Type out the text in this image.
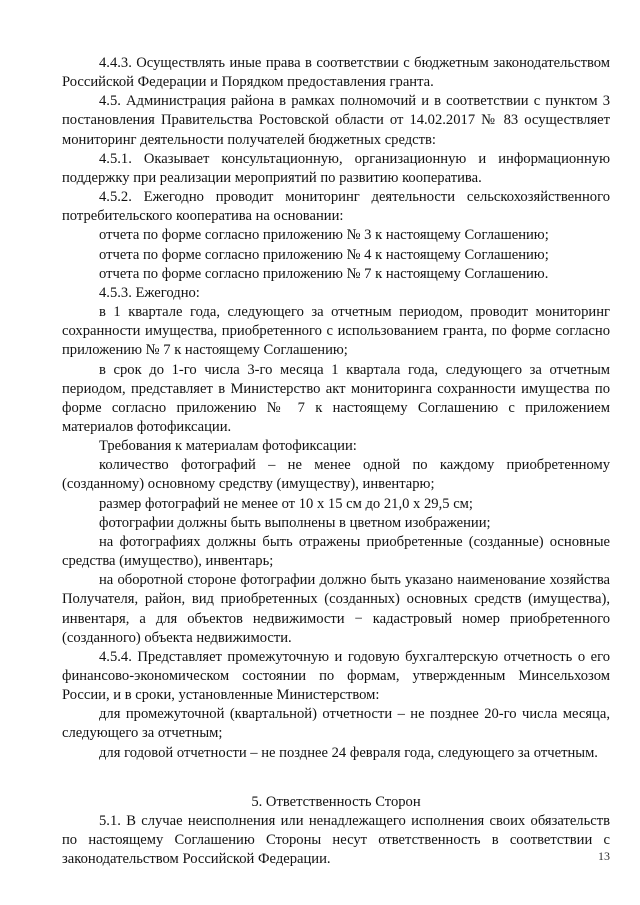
4.4.3. Осуществлять иные права в соответствии с бюджетным законодательством Российской Федерации и Порядком предоставления гранта.

4.5. Администрация района в рамках полномочий и в соответствии с пунктом 3 постановления Правительства Ростовской области от 14.02.2017 № 83 осуществляет мониторинг деятельности получателей бюджетных средств:

4.5.1. Оказывает консультационную, организационную и информационную поддержку при реализации мероприятий по развитию кооператива.

4.5.2. Ежегодно проводит мониторинг деятельности сельскохозяйственного потребительского кооператива на основании:

отчета по форме согласно приложению № 3 к настоящему Соглашению;

отчета по форме согласно приложению № 4 к настоящему Соглашению;

отчета по форме согласно приложению № 7 к настоящему Соглашению.

4.5.3. Ежегодно:

в 1 квартале года, следующего за отчетным периодом, проводит мониторинг сохранности имущества, приобретенного с использованием гранта, по форме согласно приложению № 7 к настоящему Соглашению;

в срок до 1-го числа 3-го месяца 1 квартала года, следующего за отчетным периодом, представляет в Министерство акт мониторинга сохранности имущества по форме согласно приложению № 7 к настоящему Соглашению с приложением материалов фотофиксации.

Требования к материалам фотофиксации:

количество фотографий – не менее одной по каждому приобретенному (созданному) основному средству (имуществу), инвентарю;

размер фотографий не менее от 10 х 15 см до 21,0 х 29,5 см;

фотографии должны быть выполнены в цветном изображении;

на фотографиях должны быть отражены приобретенные (созданные) основные средства (имущество), инвентарь;

на оборотной стороне фотографии должно быть указано наименование хозяйства Получателя, район, вид приобретенных (созданных) основных средств (имущества), инвентаря, а для объектов недвижимости − кадастровый номер приобретенного (созданного) объекта недвижимости.

4.5.4. Представляет промежуточную и годовую бухгалтерскую отчетность о его финансово-экономическом состоянии по формам, утвержденным Минсельхозом России, и в сроки, установленные Министерством:

для промежуточной (квартальной) отчетности – не позднее 20-го числа месяца, следующего за отчетным;

для годовой отчетности – не позднее 24 февраля года, следующего за отчетным.

5. Ответственность Сторон

5.1. В случае неисполнения или ненадлежащего исполнения своих обязательств по настоящему Соглашению Стороны несут ответственность в соответствии с законодательством Российской Федерации.	13
